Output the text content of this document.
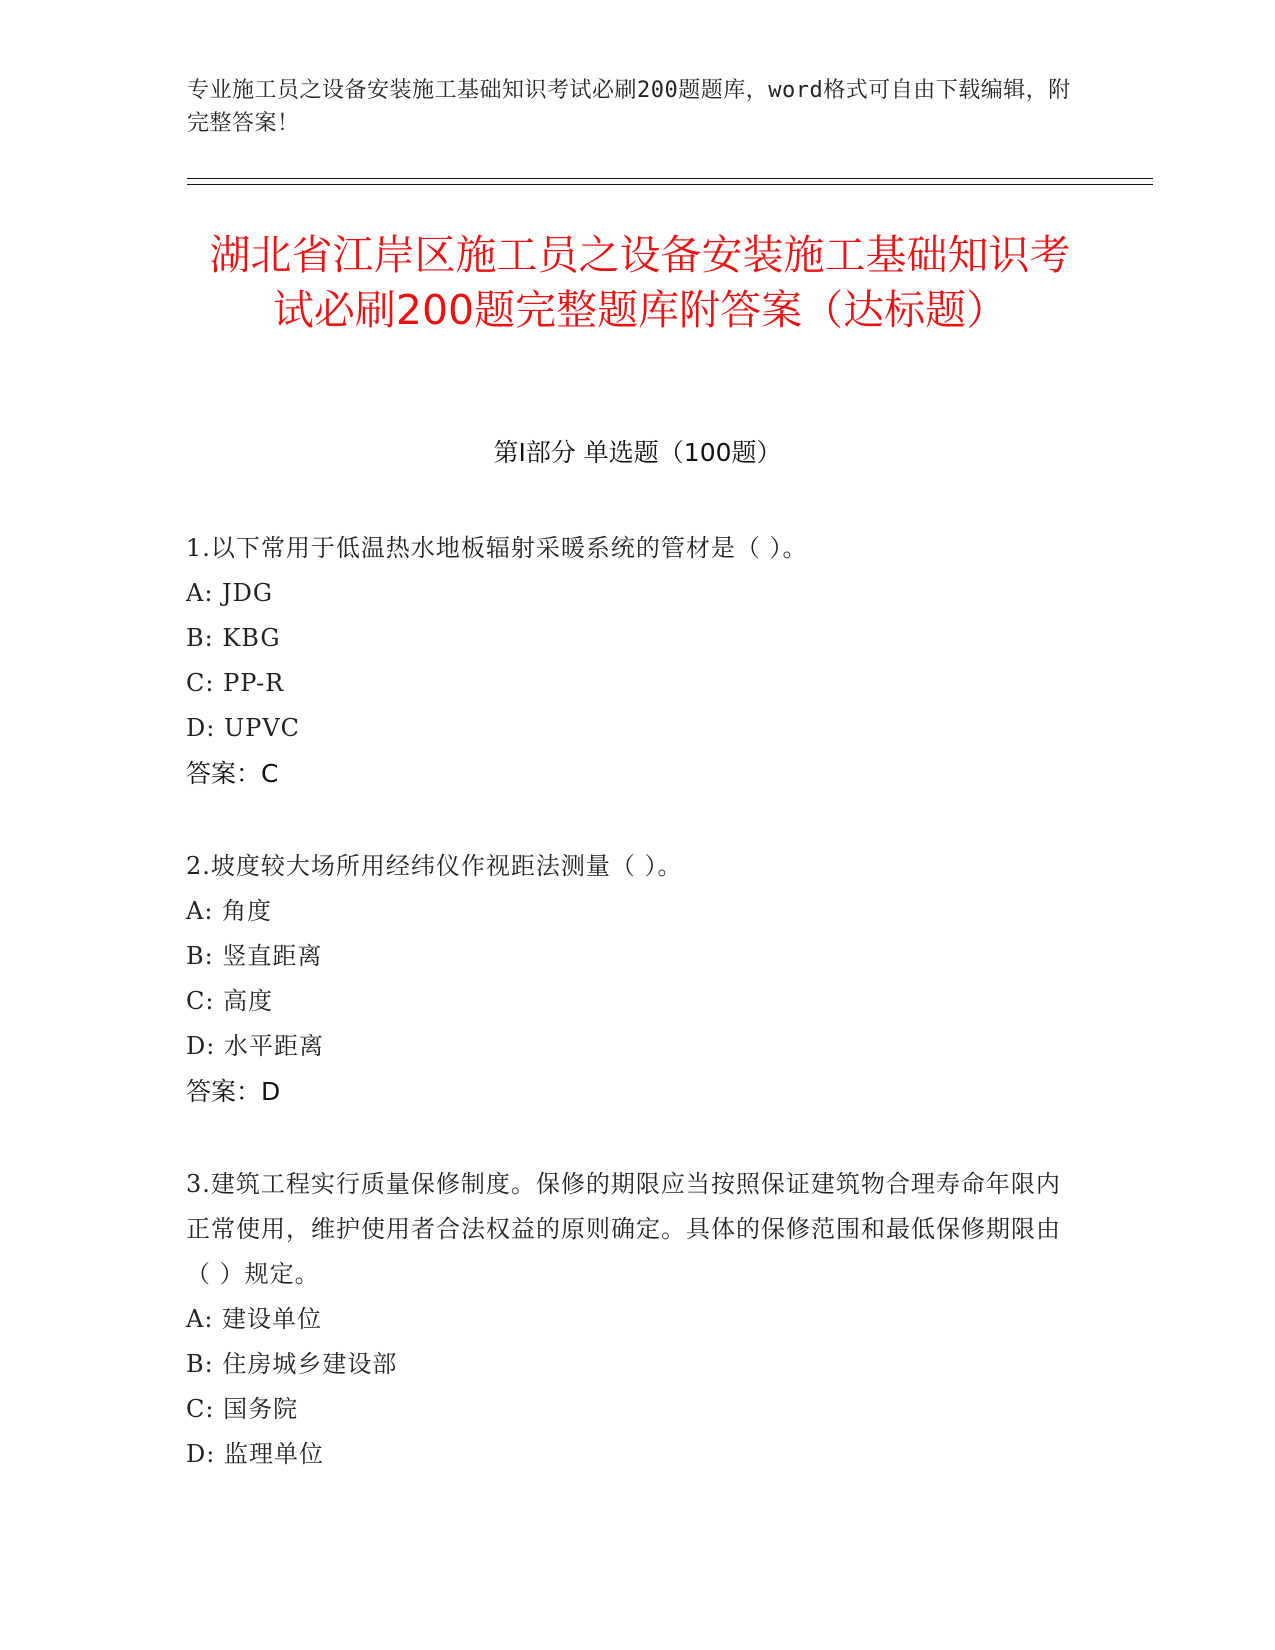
专业施工员之设备安装施工基础知识考试必刷200题题库，word格式可自由下载编辑，附完整答案！
湖北省江岸区施工员之设备安装施工基础知识考试必刷200题完整题库附答案（达标题）
第I部分 单选题（100题）

1.以下常用于低温热水地板辐射采暖系统的管材是（ ）。

A: JDG

B: KBG

C: PP-R

D: UPVC

答案：C

2.坡度较大场所用经纬仪作视距法测量（ ）。

A: 角度

B: 竖直距离

C: 高度

D: 水平距离

答案：D

3.建筑工程实行质量保修制度。保修的期限应当按照保证建筑物合理寿命年限内正常使用，维护使用者合法权益的原则确定。具体的保修范围和最低保修期限由（ ）规定。

A: 建设单位

B: 住房城乡建设部

C: 国务院

D: 监理单位
